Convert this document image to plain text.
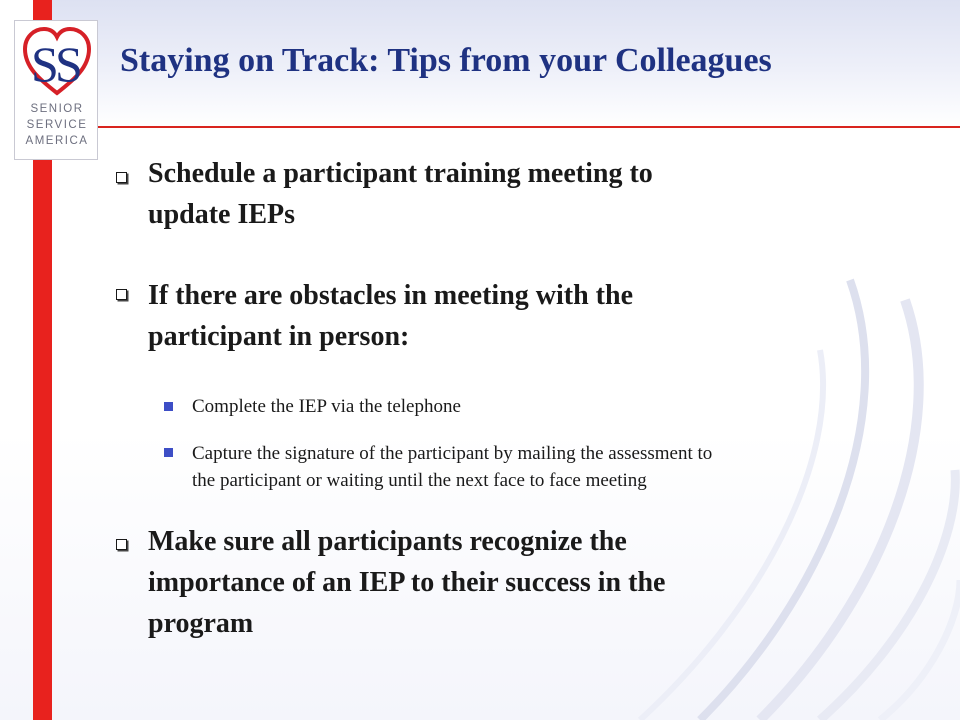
S
S
SENIOR
SERVICE
AMERICA
Staying on Track: Tips from your Colleagues
Schedule a participant training meeting to
update IEPs
If there are obstacles in meeting with the
participant in person:
Complete the IEP via the telephone
Capture the signature of the participant by mailing the assessment to
the participant or waiting until the next face to face meeting
Make sure all participants recognize the
importance of an IEP to their success in the
program
